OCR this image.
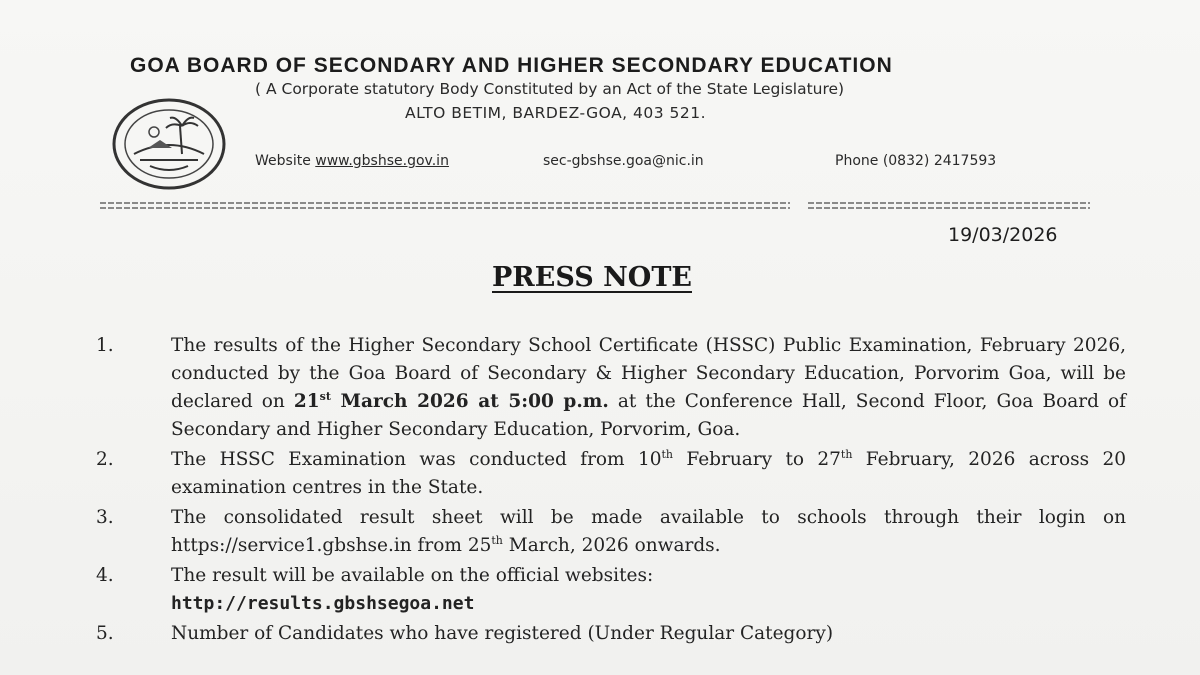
GOA BOARD OF SECONDARY AND HIGHER SECONDARY EDUCATION
( A Corporate statutory Body Constituted by an Act of the State Legislature)
ALTO BETIM, BARDEZ-GOA, 403 521.
Website www.gbshse.gov.in	sec-gbshse.goa@nic.in	Phone (0832) 2417593
19/03/2026
PRESS NOTE
1.	The results of the Higher Secondary School Certificate (HSSC) Public Examination, February 2026, conducted by the Goa Board of Secondary & Higher Secondary Education, Porvorim Goa, will be declared on 21st March 2026 at 5:00 p.m. at the Conference Hall, Second Floor, Goa Board of Secondary and Higher Secondary Education, Porvorim, Goa.
2.	The HSSC Examination was conducted from 10th February to 27th February, 2026 across 20 examination centres in the State.
3.	The consolidated result sheet will be made available to schools through their login on https://service1.gbshse.in from 25th March, 2026 onwards.
4.	The result will be available on the official websites:
http://results.gbshsegoa.net
5.	Number of Candidates who have registered (Under Regular Category)
